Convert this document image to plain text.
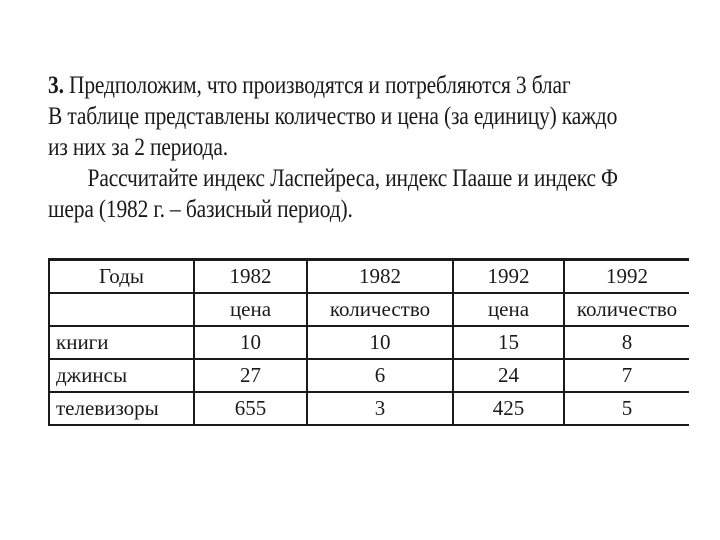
3. Предположим, что производятся и потребляются 3 благ
В таблице представлены количество и цена (за единицу) каждо
из них за 2 периода.
Рассчитайте индекс Ласпейреса, индекс Пааше и индекс Ф
шера (1982 г. – базисный период).
Годы	1982	1982	1992	1992
	цена	количество	цена	количество
книги	10	10	15	8
джинсы	27	6	24	7
телевизоры	655	3	425	5
